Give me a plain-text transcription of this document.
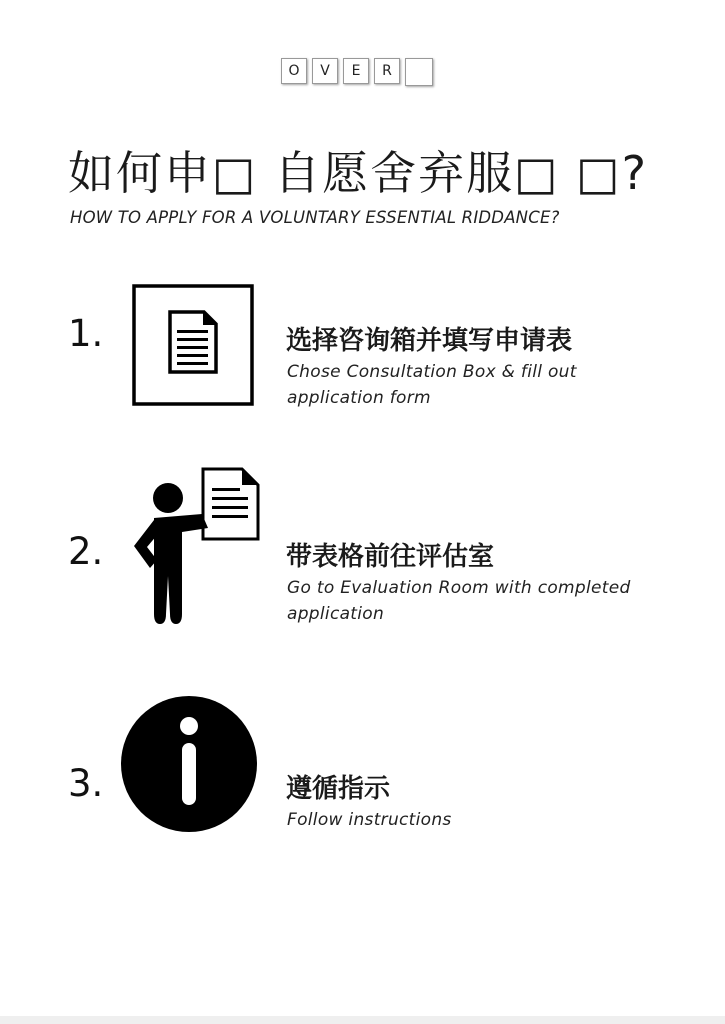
O	V	E	R
如何申□ 自愿舍弃服□ □?
HOW TO APPLY FOR A VOLUNTARY ESSENTIAL RIDDANCE?
1.	选择咨询箱并填写申请表
Chose Consultation Box & fill out application form
2.	带表格前往评估室
Go to Evaluation Room with completed application
3.	遵循指示
Follow instructions
